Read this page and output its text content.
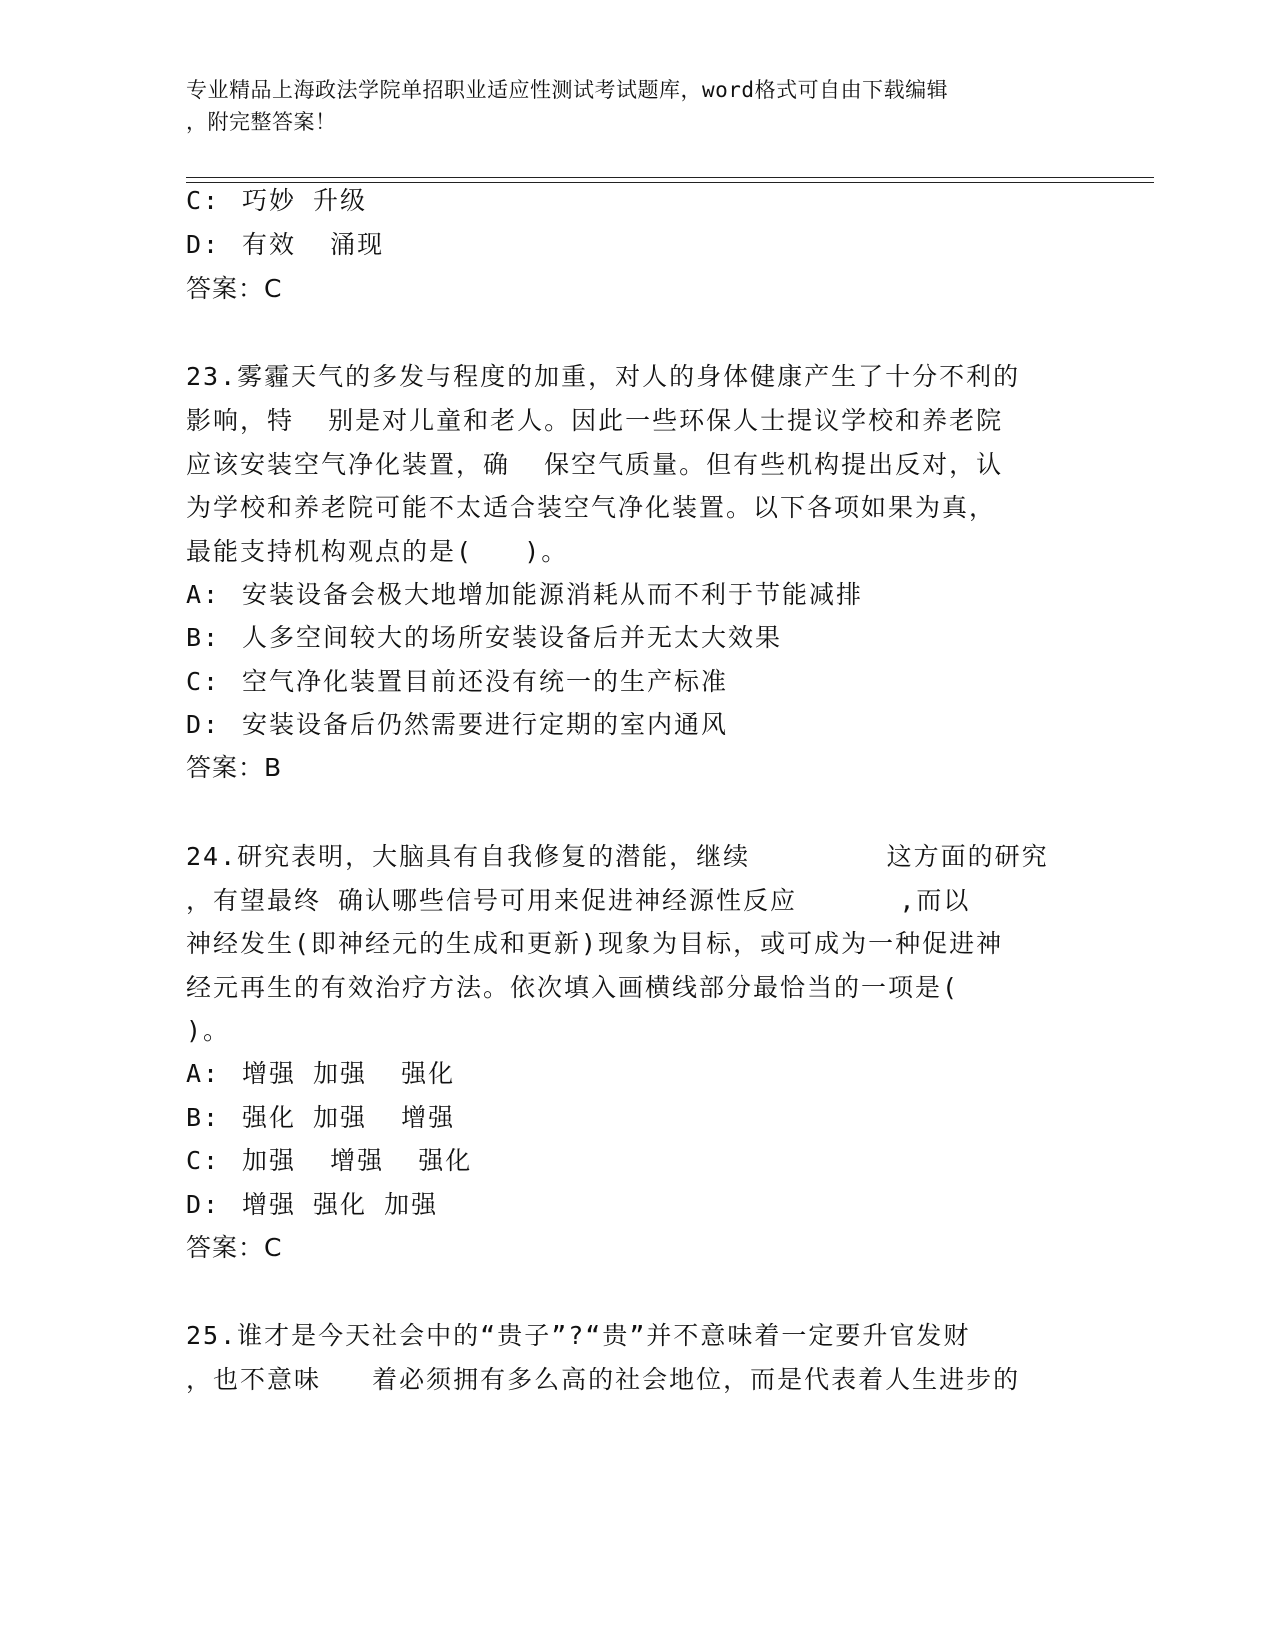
专业精品上海政法学院单招职业适应性测试考试题库，word格式可自由下载编辑
，附完整答案！
C: 巧妙 升级
D: 有效  涌现
答案：C
23.雾霾天气的多发与程度的加重，对人的身体健康产生了十分不利的
影响，特  别是对儿童和老人。因此一些环保人士提议学校和养老院
应该安装空气净化装置，确  保空气质量。但有些机构提出反对，认
为学校和养老院可能不太适合装空气净化装置。以下各项如果为真，
最能支持机构观点的是(   )。
A: 安装设备会极大地增加能源消耗从而不利于节能减排
B: 人多空间较大的场所安装设备后并无太大效果
C: 空气净化装置目前还没有统一的生产标准
D: 安装设备后仍然需要进行定期的室内通风
答案：B
24.研究表明，大脑具有自我修复的潜能，继续        这方面的研究
，有望最终 确认哪些信号可用来促进神经源性反应      ,而以
神经发生(即神经元的生成和更新)现象为目标，或可成为一种促进神
经元再生的有效治疗方法。依次填入画横线部分最恰当的一项是(
)。
A: 增强 加强  强化
B: 强化 加强  增强
C: 加强  增强  强化
D: 增强 强化 加强
答案：C
25.谁才是今天社会中的“贵子”?“贵”并不意味着一定要升官发财
，也不意味   着必须拥有多么高的社会地位，而是代表着人生进步的
